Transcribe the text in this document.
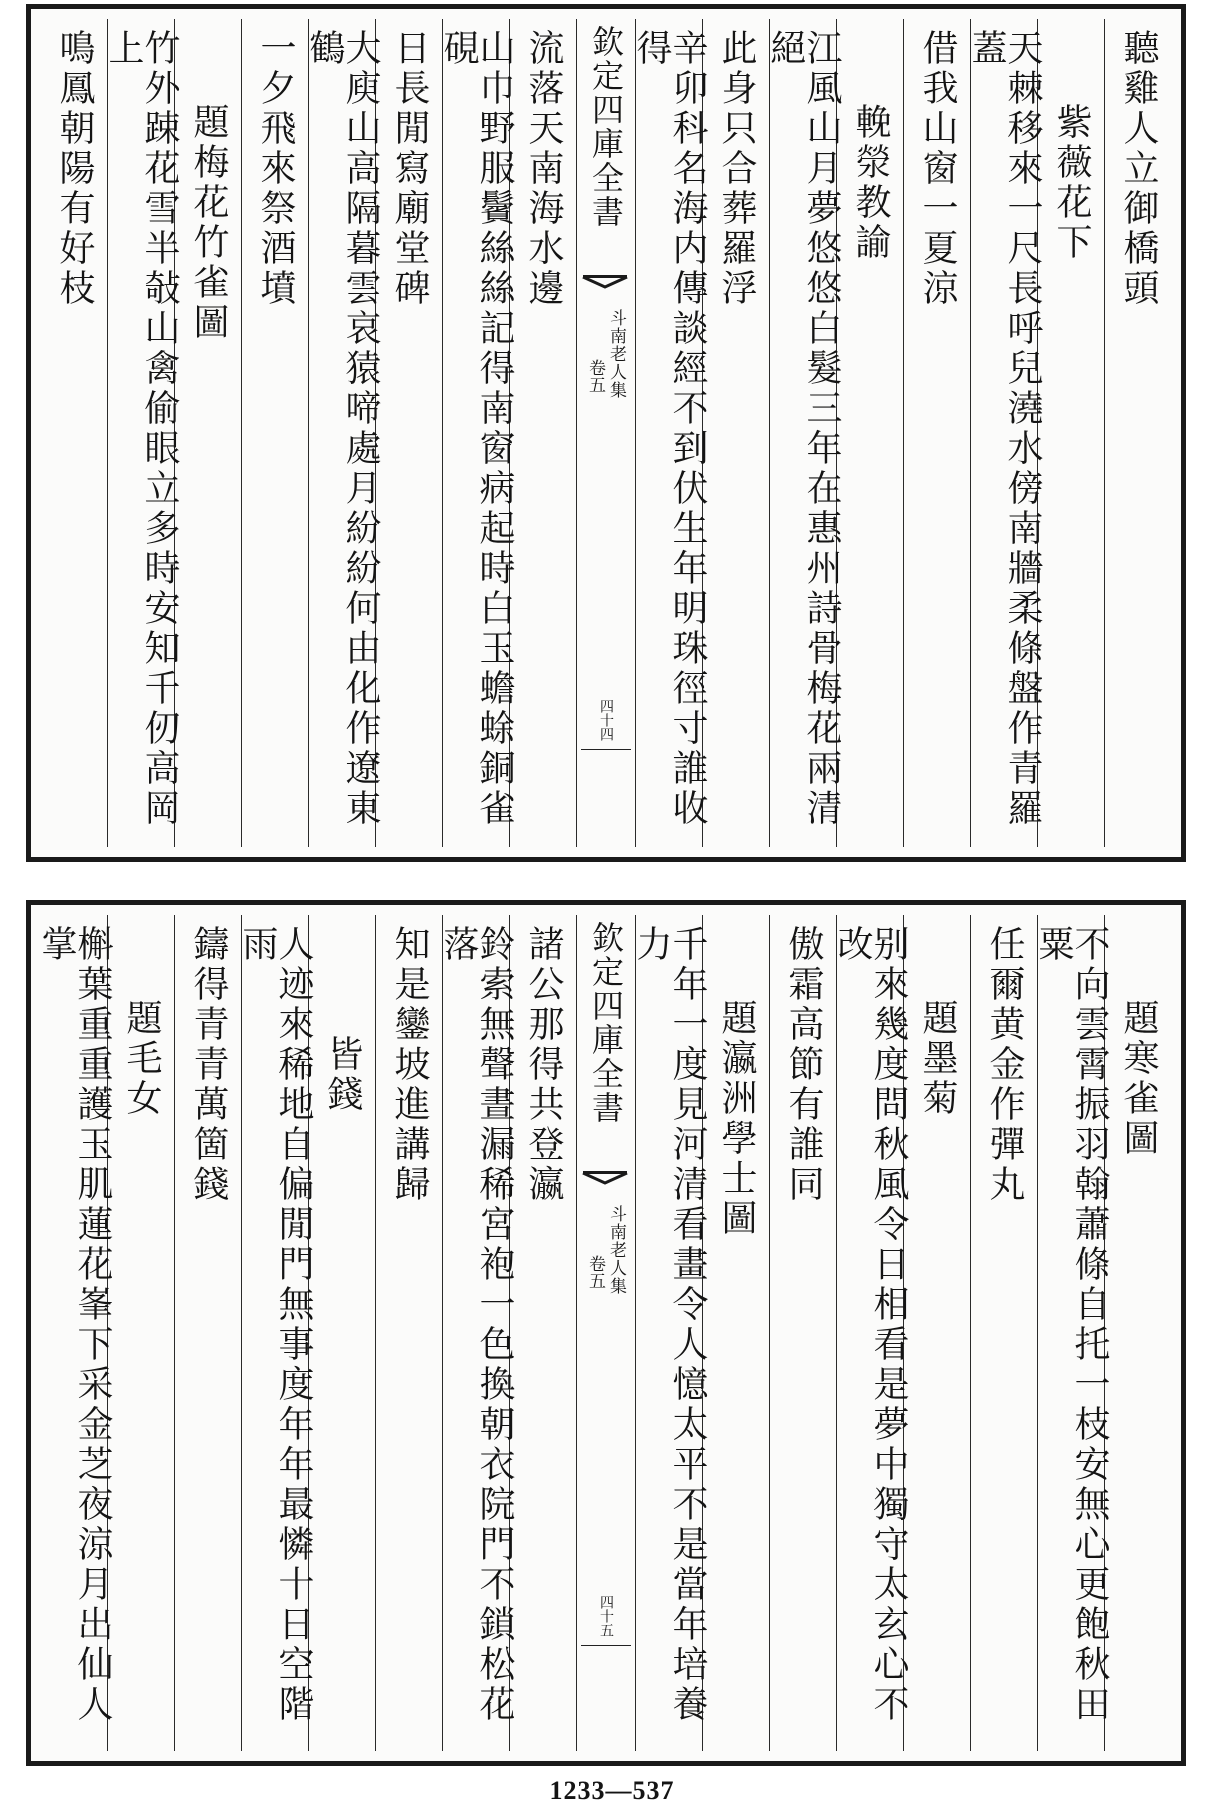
聽雞人立御橋頭
紫薇花下
天棘移來一尺長呼兒澆水傍南牆柔條盤作青羅蓋
借我山窗一夏涼
輓滎教諭
江風山月夢悠悠白髮三年在惠州詩骨梅花兩清絕
此身只合葬羅浮
辛卯科名海内傳談經不到伏生年明珠徑寸誰收得
欽定四庫全書
斗南老人集
卷五
四十四
流落天南海水邊
山巾野服鬢絲絲記得南窗病起時白玉蟾蜍銅雀硯
日長閒寫廟堂碑
大庾山高隔暮雲哀猿啼處月紛紛何由化作遼東鶴
一夕飛來祭酒墳
題梅花竹雀圖
竹外踈花雪半敧山禽偷眼立多時安知千仞高岡上
鳴鳳朝陽有好枝
題寒雀圖
不向雲霄振羽翰蕭條自托一枝安無心更飽秋田粟
任爾黄金作彈丸
題墨菊
别來幾度問秋風令日相看是夢中獨守太玄心不改
傲霜高節有誰同
題瀛洲學士圖
千年一度見河清看畫令人憶太平不是當年培養力
欽定四庫全書
斗南老人集
卷五
四十五
諸公那得共登瀛
鈴索無聲晝漏稀宮袍一色換朝衣院門不鎖松花落
知是鑾坡進講歸
皆錢
人迹來稀地自偏閒門無事度年年最憐十日空階雨
鑄得青青萬箇錢
題毛女
槲葉重重護玉肌蓮花峯下采金芝夜涼月出仙人掌
1233—537
